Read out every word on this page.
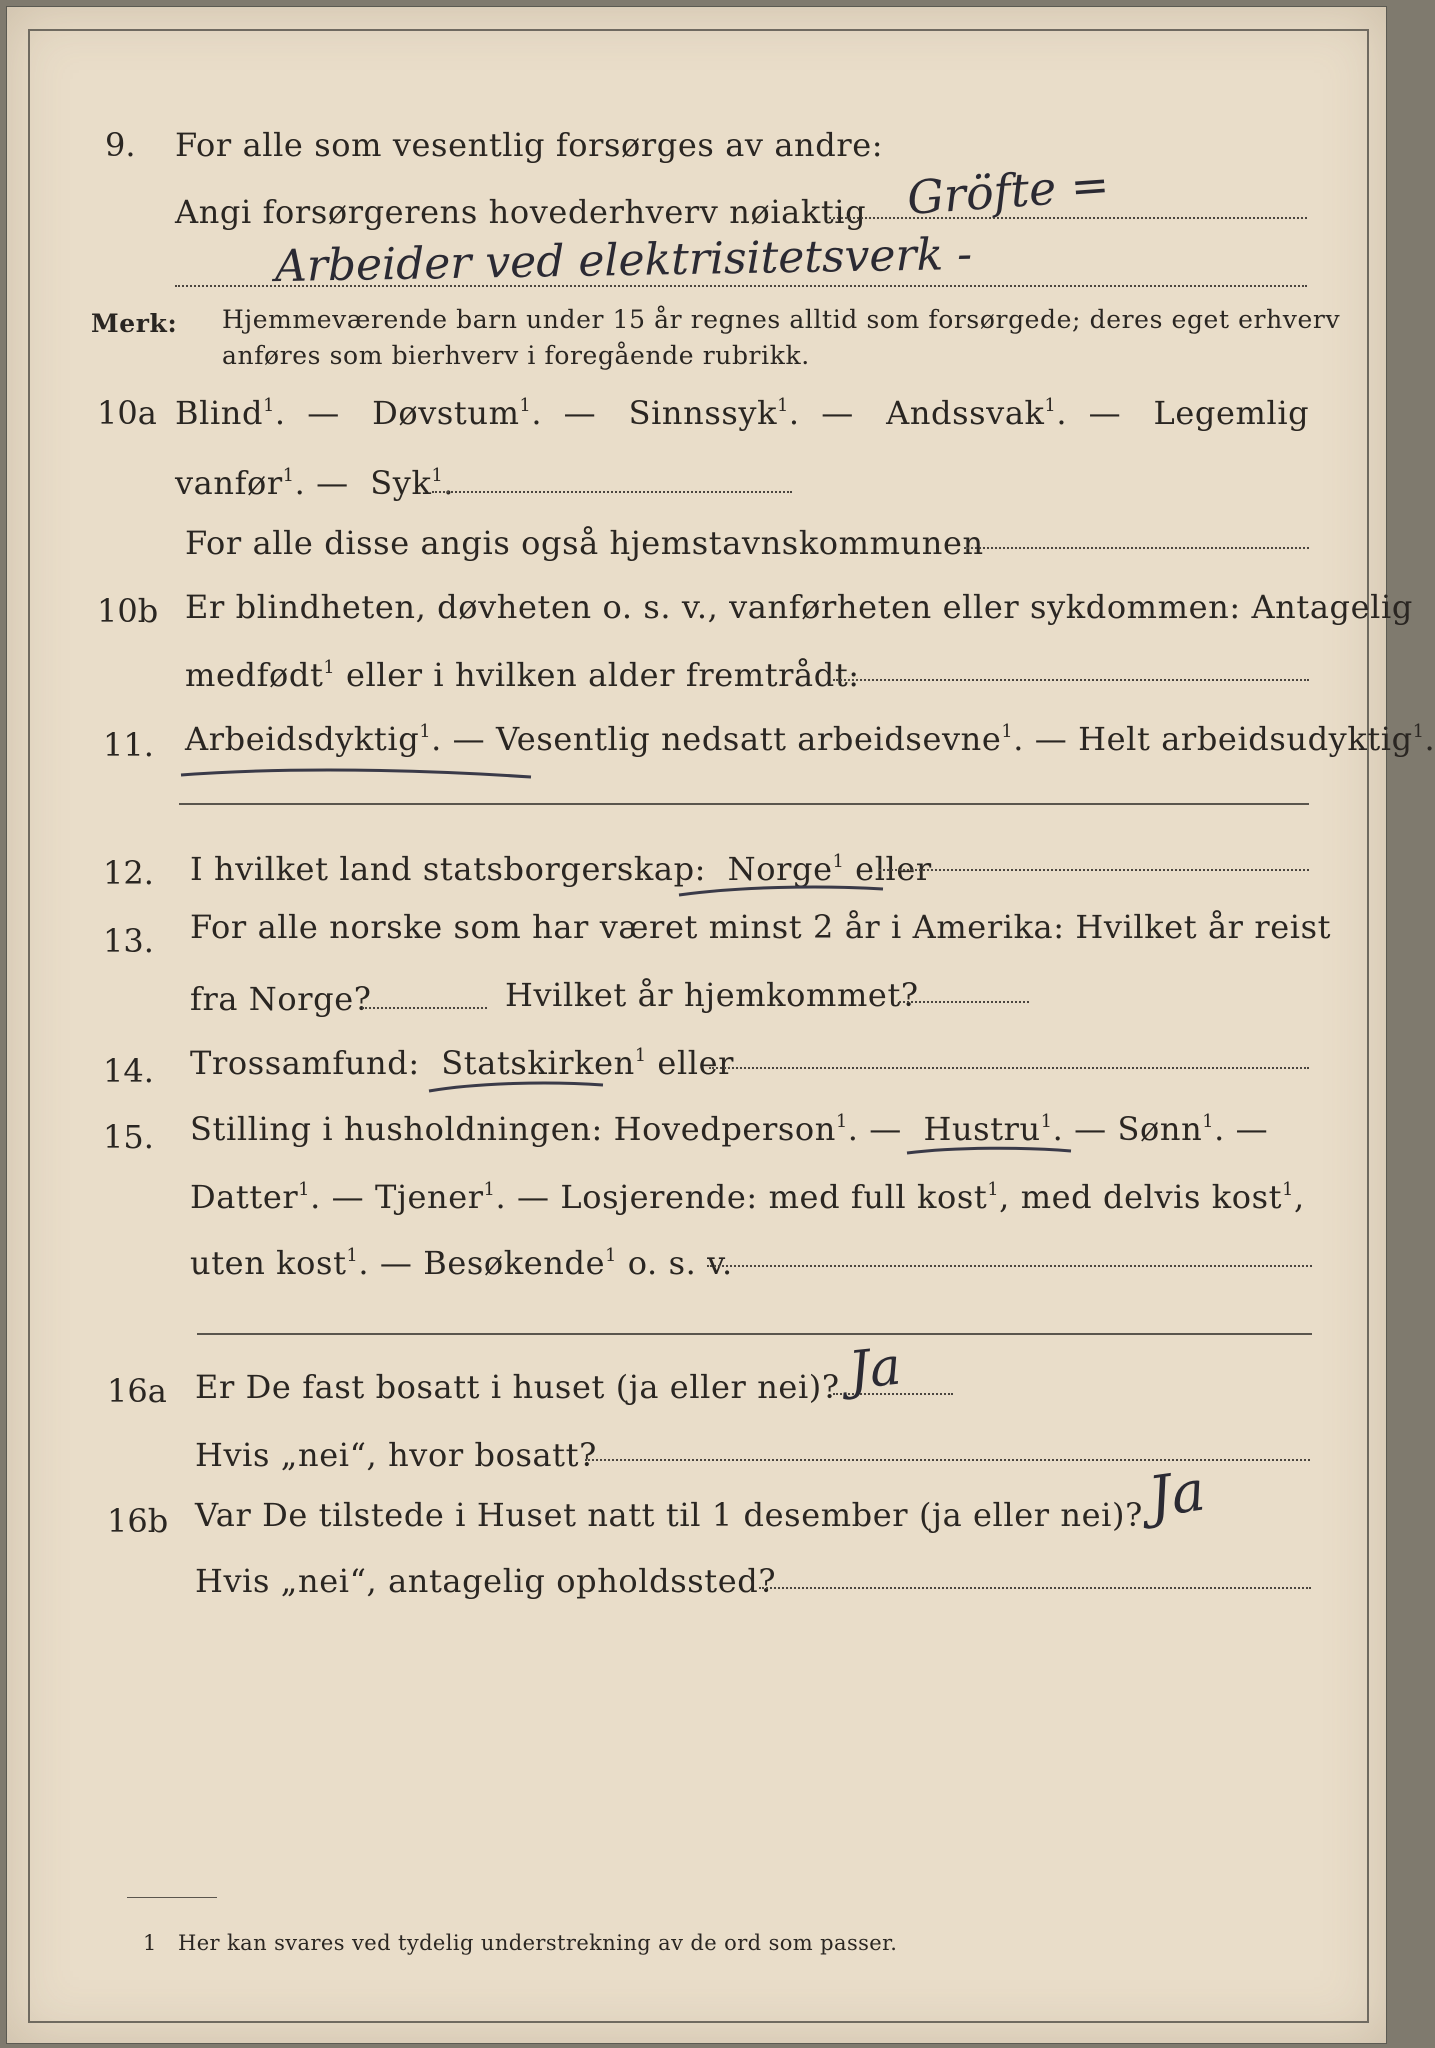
9. For alle som vesentlig forsørges av andre:
Angi forsørgerens hovederhverv nøiaktig Gröfte =
Arbeider ved elektrisitetsverk -
Merk: Hjemmeværende barn under 15 år regnes alltid som forsørgede; deres eget erhverv
anføres som bierhverv i foregående rubrikk.
10a Blind$^1$.  —   Døvstum$^1$.  —   Sinnssyk$^1$.  —   Andssvak$^1$.  —   Legemlig
vanfør$^1$. —  Syk$^1$.
For alle disse angis også hjemstavnskommunen
10b Er blindheten, døvheten o. s. v., vanførheten eller sykdommen: Antagelig
medfødt$^1$ eller i hvilken alder fremtrådt:
11. Arbeidsdyktig$^1$. — Vesentlig nedsatt arbeidsevne$^1$. — Helt arbeidsudyktig$^1$.
12. I hvilket land statsborgerskap: Norge$^1$ eller
13. For alle norske som har været minst 2 år i Amerika: Hvilket år reist
fra Norge?	Hvilket år hjemkommet?
14. Trossamfund: Statskirken$^1$ eller
15. Stilling i husholdningen: Hovedperson$^1$. —  Hustru$^1$. — Sønn$^1$. —
Datter$^1$. — Tjener$^1$. — Losjerende: med full kost$^1$, med delvis kost$^1$,
uten kost$^1$. — Besøkende$^1$ o. s. v.
16a Er De fast bosatt i huset (ja eller nei)? Ja
Hvis „nei“, hvor bosatt?
16b Var De tilstede i Huset natt til 1 desember (ja eller nei)? Ja
Hvis „nei“, antagelig opholdssted?
1 Her kan svares ved tydelig understrekning av de ord som passer.
